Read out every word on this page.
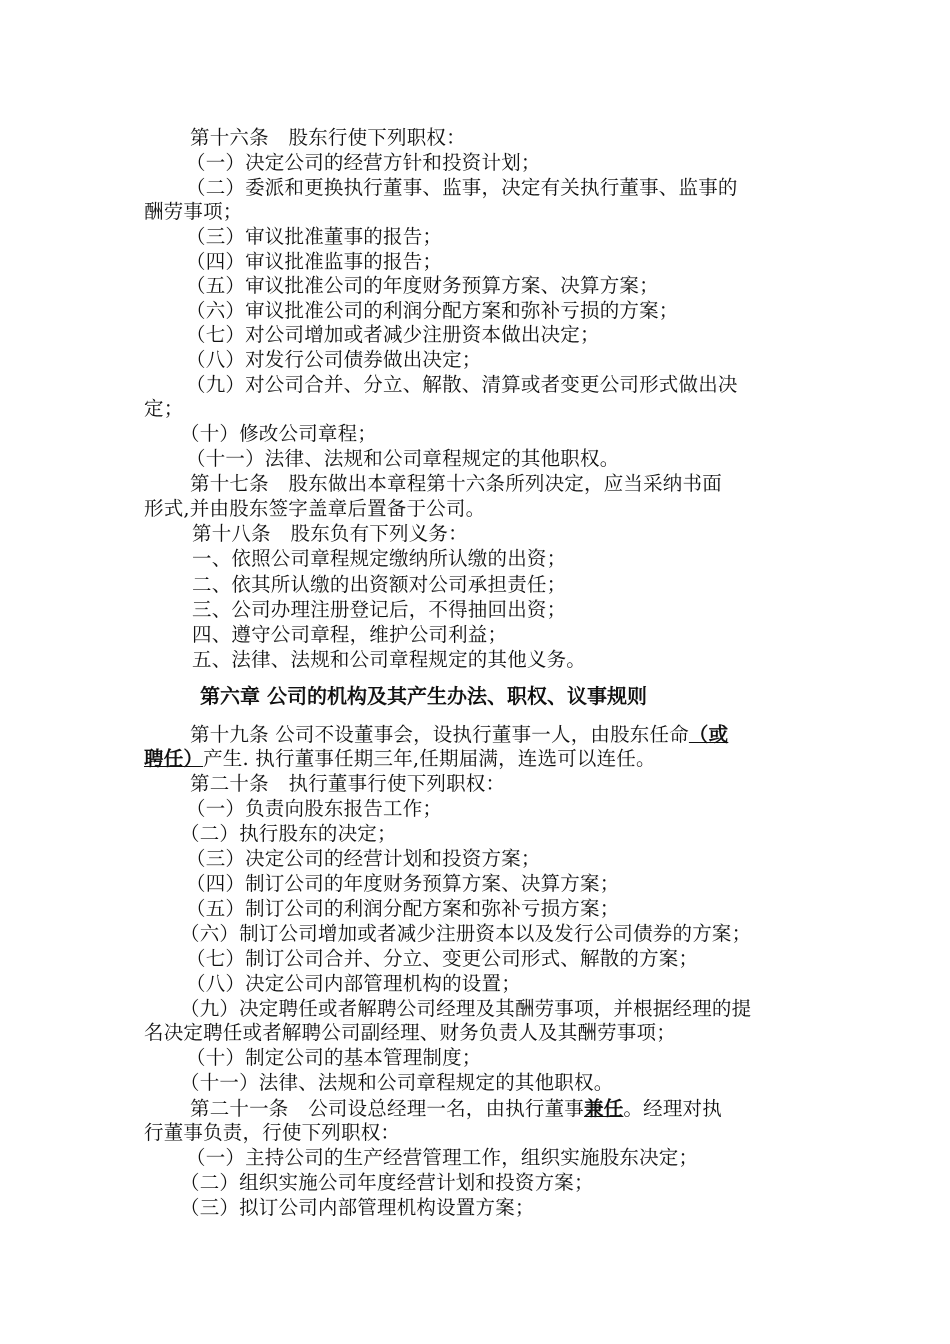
第十六条　股东行使下列职权：
（一）决定公司的经营方针和投资计划；
（二）委派和更换执行董事、监事，决定有关执行董事、监事的
酬劳事项；
（三）审议批准董事的报告；
（四）审议批准监事的报告；
（五）审议批准公司的年度财务预算方案、决算方案；
（六）审议批准公司的利润分配方案和弥补亏损的方案；
（七）对公司增加或者减少注册资本做出决定；
（八）对发行公司债券做出决定；
（九）对公司合并、分立、解散、清算或者变更公司形式做出决
定；
（十）修改公司章程；
（十一）法律、法规和公司章程规定的其他职权。
第十七条　股东做出本章程第十六条所列决定，应当采纳书面
形式,并由股东签字盖章后置备于公司。
第十八条　股东负有下列义务：
一、依照公司章程规定缴纳所认缴的出资；
二、依其所认缴的出资额对公司承担责任；
三、公司办理注册登记后，不得抽回出资；
四、遵守公司章程，维护公司利益；
五、法律、法规和公司章程规定的其他义务。
第六章 公司的机构及其产生办法、职权、议事规则
第十九条 公司不设董事会，设执行董事一人，由股东任命（或
聘任）产生. 执行董事任期三年,任期届满，连选可以连任。
第二十条　执行董事行使下列职权：
（一）负责向股东报告工作；
（二）执行股东的决定；
（三）决定公司的经营计划和投资方案；
（四）制订公司的年度财务预算方案、决算方案；
（五）制订公司的利润分配方案和弥补亏损方案；
（六）制订公司增加或者减少注册资本以及发行公司债券的方案；
（七）制订公司合并、分立、变更公司形式、解散的方案；
（八）决定公司内部管理机构的设置；
（九）决定聘任或者解聘公司经理及其酬劳事项，并根据经理的提
名决定聘任或者解聘公司副经理、财务负责人及其酬劳事项；
（十）制定公司的基本管理制度；
（十一）法律、法规和公司章程规定的其他职权。
第二十一条　公司设总经理一名，由执行董事兼任。经理对执
行董事负责，行使下列职权：
（一）主持公司的生产经营管理工作，组织实施股东决定；
（二）组织实施公司年度经营计划和投资方案；
（三）拟订公司内部管理机构设置方案；
